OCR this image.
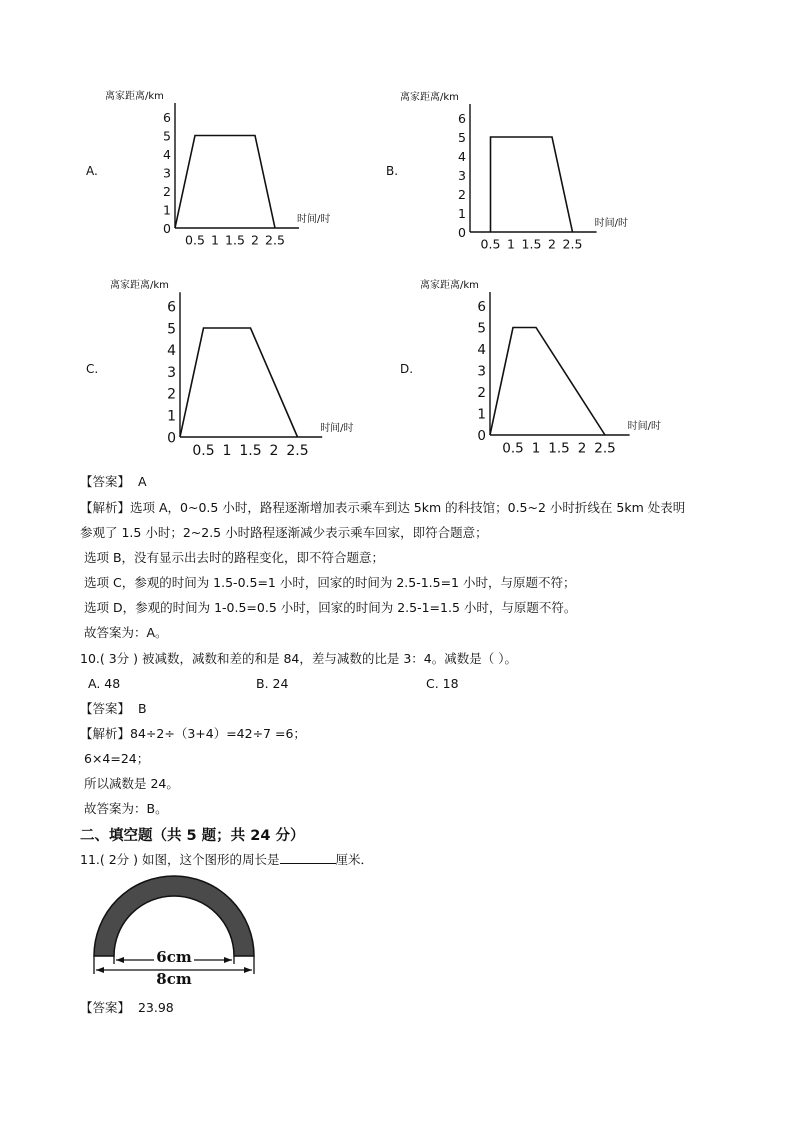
A.	B.
C.	D.
0
1
2
3
4
5
6
0.5 1 1.5 2 2.5
离家距离/km
时间/时
0
1
2
3
4
5
6
0.5 1 1.5 2 2.5
离家距离/km
时间/时
0
1
2
3
4
5
6
0.5 1 1.5 2 2.5
离家距离/km
时间/时	0
1
2
3
4
5
6
0.5 1 1.5 2 2.5
离家距离/km
时间/时
【答案】 A
【解析】选项 A，0~0.5 小时，路程逐渐增加表示乘车到达 5km 的科技馆；0.5~2 小时折线在 5km 处表明
参观了 1.5 小时；2~2.5 小时路程逐渐减少表示乘车回家，即符合题意；
选项 B，没有显示出去时的路程变化，即不符合题意；
选项 C，参观的时间为 1.5-0.5=1 小时，回家的时间为 2.5-1.5=1 小时，与原题不符；
选项 D，参观的时间为 1-0.5=0.5 小时，回家的时间为 2.5-1=1.5 小时，与原题不符。
故答案为：A。
10.( 3分 ) 被减数，减数和差的和是 84，差与减数的比是 3：4。减数是（ ）。
A. 48	B. 24	C. 18
【答案】 B
【解析】84÷2÷（3+4）=42÷7 =6；
6×4=24；
所以减数是 24。
故答案为：B。
二、填空题（共 5 题；共 24 分）
11.( 2分 ) 如图，这个图形的周长是	厘米．
6cm
8cm
【答案】 23.98
